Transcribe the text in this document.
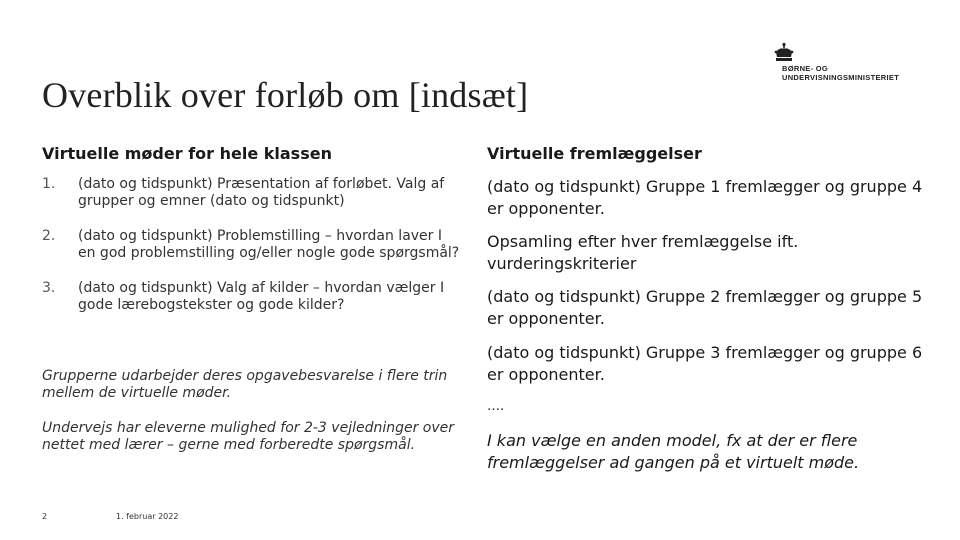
Overblik over forløb om [indsæt]
BØRNE- OG
UNDERVISNINGSMINISTERIET
Virtuelle møder for hele klassen
1. (dato og tidspunkt) Præsentation af forløbet. Valg af grupper og emner (dato og tidspunkt)
2. (dato og tidspunkt) Problemstilling – hvordan laver I en god problemstilling og/eller nogle gode spørgsmål?
3. (dato og tidspunkt) Valg af kilder – hvordan vælger I gode lærebogstekster og gode kilder?
Grupperne udarbejder deres opgavebesvarelse i flere trin mellem de virtuelle møder.
Undervejs har eleverne mulighed for 2-3 vejledninger over nettet med lærer – gerne med forberedte spørgsmål.
Virtuelle fremlæggelser
(dato og tidspunkt) Gruppe 1 fremlægger og gruppe 4 er opponenter.
Opsamling efter hver fremlæggelse ift. vurderingskriterier
(dato og tidspunkt) Gruppe 2 fremlægger og gruppe 5 er opponenter.
(dato og tidspunkt) Gruppe 3 fremlægger og gruppe 6 er opponenter.
….
I kan vælge en anden model, fx at der er flere fremlæggelser ad gangen på et virtuelt møde.
2	1. februar 2022
